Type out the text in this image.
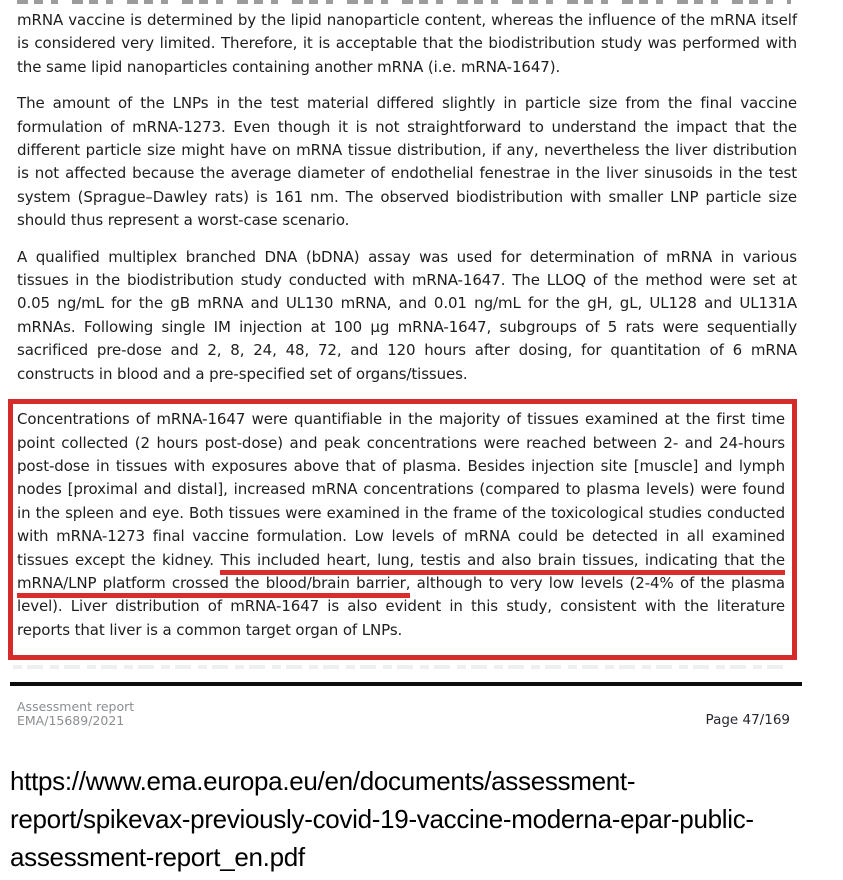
mRNA vaccine is determined by the lipid nanoparticle content, whereas the influence of the mRNA itself is considered very limited. Therefore, it is acceptable that the biodistribution study was performed with the same lipid nanoparticles containing another mRNA (i.e. mRNA-1647).

The amount of the LNPs in the test material differed slightly in particle size from the final vaccine formulation of mRNA-1273. Even though it is not straightforward to understand the impact that the different particle size might have on mRNA tissue distribution, if any, nevertheless the liver distribution is not affected because the average diameter of endothelial fenestrae in the liver sinusoids in the test system (Sprague–Dawley rats) is 161 nm. The observed biodistribution with smaller LNP particle size should thus represent a worst-case scenario.

A qualified multiplex branched DNA (bDNA) assay was used for determination of mRNA in various tissues in the biodistribution study conducted with mRNA-1647. The LLOQ of the method were set at 0.05 ng/mL for the gB mRNA and UL130 mRNA, and 0.01 ng/mL for the gH, gL, UL128 and UL131A mRNAs. Following single IM injection at 100 µg mRNA-1647, subgroups of 5 rats were sequentially sacrificed pre-dose and 2, 8, 24, 48, 72, and 120 hours after dosing, for quantitation of 6 mRNA constructs in blood and a pre-specified set of organs/tissues.

Concentrations of mRNA-1647 were quantifiable in the majority of tissues examined at the first time point collected (2 hours post-dose) and peak concentrations were reached between 2- and 24-hours post-dose in tissues with exposures above that of plasma. Besides injection site [muscle] and lymph nodes [proximal and distal], increased mRNA concentrations (compared to plasma levels) were found in the spleen and eye. Both tissues were examined in the frame of the toxicological studies conducted with mRNA-1273 final vaccine formulation. Low levels of mRNA could be detected in all examined tissues except the kidney. This included heart, lung, testis and also brain tissues, indicating that the mRNA/LNP platform crossed the blood/brain barrier, although to very low levels (2-4% of the plasma level). Liver distribution of mRNA-1647 is also evident in this study, consistent with the literature reports that liver is a common target organ of LNPs.

Assessment report
EMA/15689/2021	Page 47/169
https://www.ema.europa.eu/en/documents/assessment-
report/spikevax-previously-covid-19-vaccine-moderna-epar-public-
assessment-report_en.pdf
